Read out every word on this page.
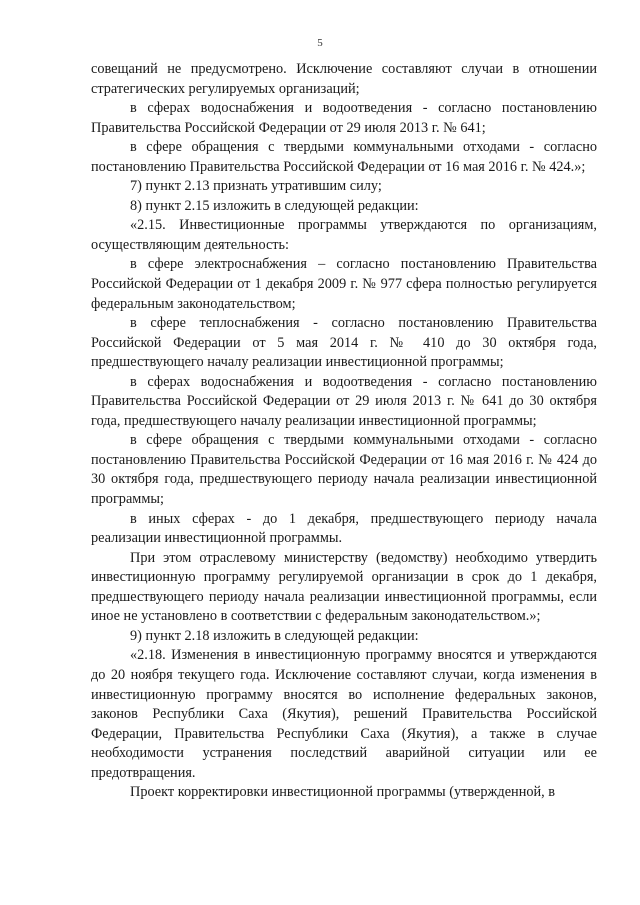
5

совещаний не предусмотрено. Исключение составляют случаи в отношении стратегических регулируемых организаций;

в сферах водоснабжения и водоотведения - согласно постановлению Правительства Российской Федерации от 29 июля 2013 г. № 641;

в сфере обращения с твердыми коммунальными отходами - согласно постановлению Правительства Российской Федерации от 16 мая 2016 г. № 424.»;

7) пункт 2.13 признать утратившим силу;

8) пункт 2.15 изложить в следующей редакции:

«2.15. Инвестиционные программы утверждаются по организациям, осуществляющим деятельность:

в сфере электроснабжения – согласно постановлению Правительства Российской Федерации от 1 декабря 2009 г. № 977 сфера полностью регулируется федеральным законодательством;

в сфере теплоснабжения - согласно постановлению Правительства Российской Федерации от 5 мая 2014 г. № 410 до 30 октября года, предшествующего началу реализации инвестиционной программы;

в сферах водоснабжения и водоотведения - согласно постановлению Правительства Российской Федерации от 29 июля 2013 г. № 641 до 30 октября года, предшествующего началу реализации инвестиционной программы;

в сфере обращения с твердыми коммунальными отходами - согласно постановлению Правительства Российской Федерации от 16 мая 2016 г. № 424 до 30 октября года, предшествующего периоду начала реализации инвестиционной программы;

в иных сферах - до 1 декабря, предшествующего периоду начала реализации инвестиционной программы.

При этом отраслевому министерству (ведомству) необходимо утвердить инвестиционную программу регулируемой организации в срок до 1 декабря, предшествующего периоду начала реализации инвестиционной программы, если иное не установлено в соответствии с федеральным законодательством.»;

9) пункт 2.18 изложить в следующей редакции:

«2.18. Изменения в инвестиционную программу вносятся и утверждаются до 20 ноября текущего года. Исключение составляют случаи, когда изменения в инвестиционную программу вносятся во исполнение федеральных законов, законов Республики Саха (Якутия), решений Правительства Российской Федерации, Правительства Республики Саха (Якутия), а также в случае необходимости устранения последствий аварийной ситуации или ее предотвращения.

Проект корректировки инвестиционной программы (утвержденной, в
